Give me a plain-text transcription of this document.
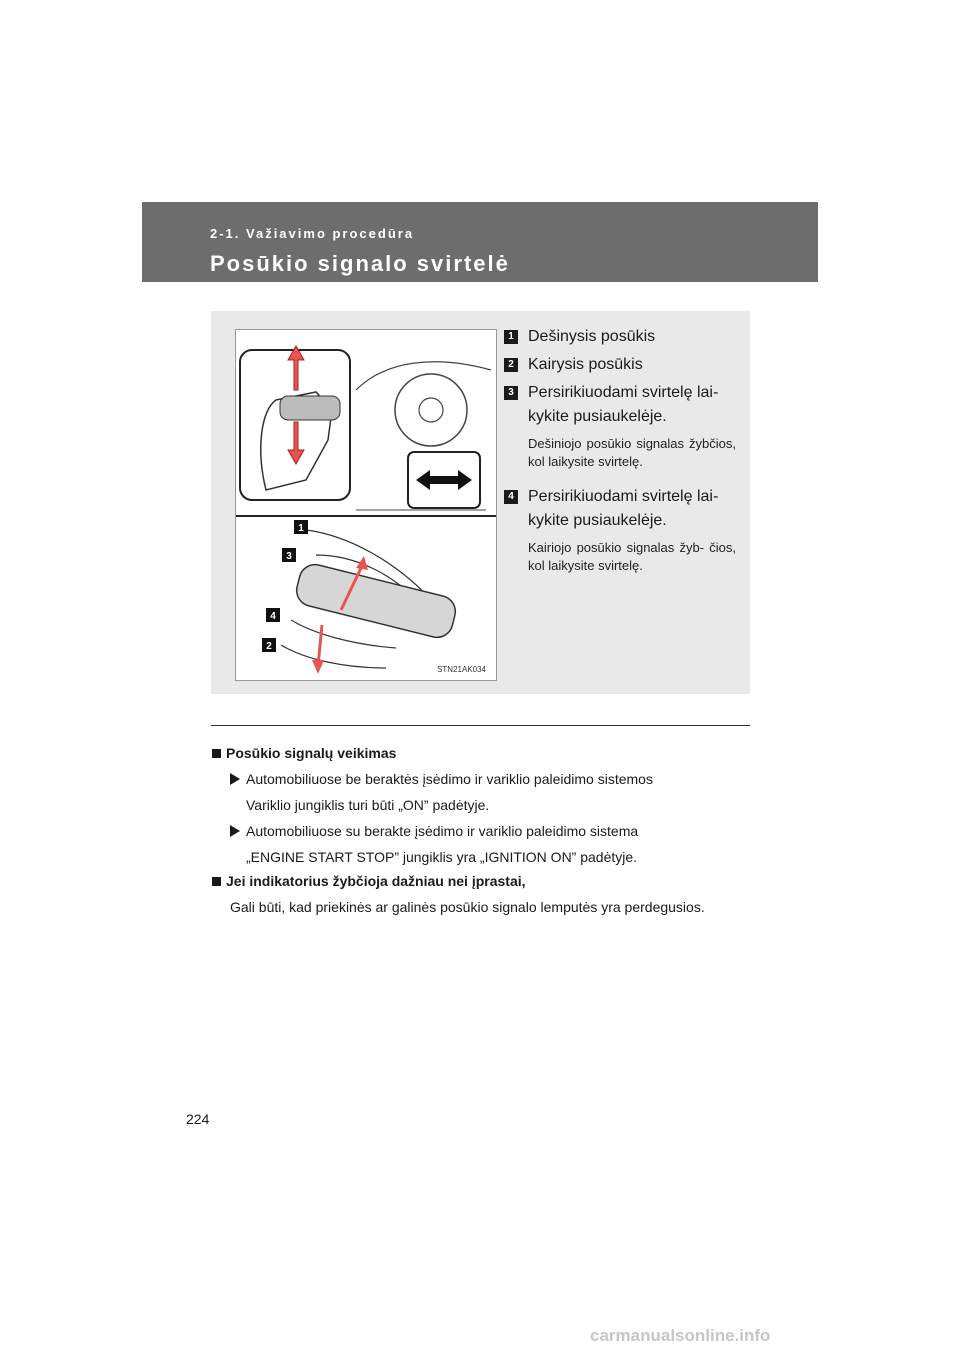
2-1. Važiavimo procedūra
Posūkio signalo svirtelė
1
3
4
2
STN21AK034
1 Dešinysis posūkis
2 Kairysis posūkis
3 Persirikiuodami svirtelę lai- kykite pusiaukelėje.
Dešiniojo posūkio signalas žybčios, kol laikysite svirtelę.
4 Persirikiuodami svirtelę lai- kykite pusiaukelėje.
Kairiojo posūkio signalas žyb- čios, kol laikysite svirtelę.
Posūkio signalų veikimas
Automobiliuose be beraktės įsėdimo ir variklio paleidimo sistemos
Variklio jungiklis turi būti „ON” padėtyje.
Automobiliuose su berakte įsėdimo ir variklio paleidimo sistema
„ENGINE START STOP” jungiklis yra „IGNITION ON” padėtyje.
Jei indikatorius žybčioja dažniau nei įprastai,
Gali būti, kad priekinės ar galinės posūkio signalo lemputės yra perdegusios.
224
carmanualsonline.info
